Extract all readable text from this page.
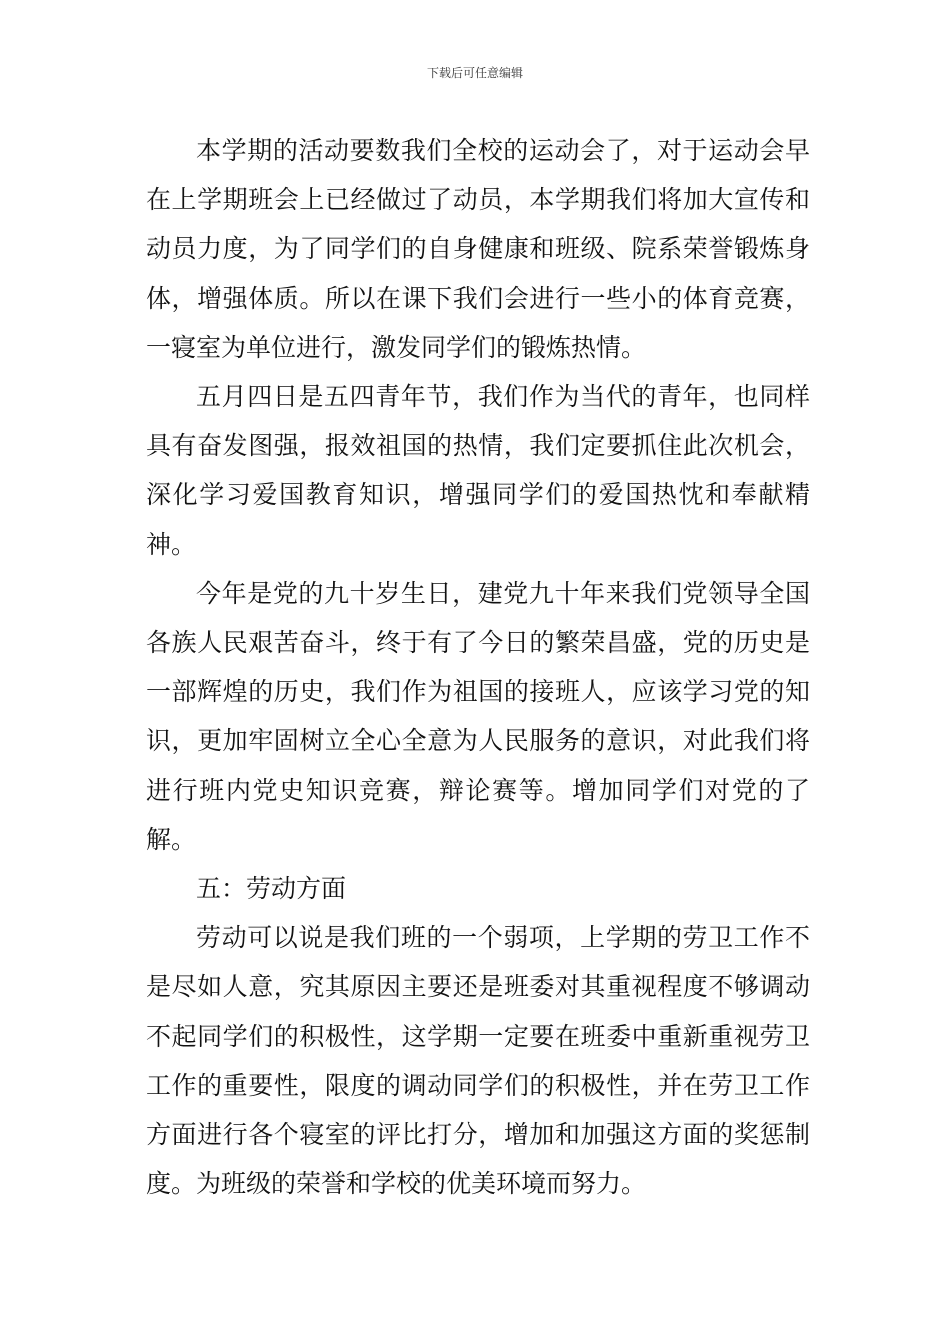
下载后可任意编辑

本学期的活动要数我们全校的运动会了，对于运动会早在上学期班会上已经做过了动员，本学期我们将加大宣传和动员力度，为了同学们的自身健康和班级、院系荣誉锻炼身体，增强体质。所以在课下我们会进行一些小的体育竞赛，一寝室为单位进行，激发同学们的锻炼热情。

五月四日是五四青年节，我们作为当代的青年，也同样具有奋发图强，报效祖国的热情，我们定要抓住此次机会，深化学习爱国教育知识，增强同学们的爱国热忱和奉献精神。

今年是党的九十岁生日，建党九十年来我们党领导全国各族人民艰苦奋斗，终于有了今日的繁荣昌盛，党的历史是一部辉煌的历史，我们作为祖国的接班人，应该学习党的知识，更加牢固树立全心全意为人民服务的意识，对此我们将进行班内党史知识竞赛，辩论赛等。增加同学们对党的了解。

五：劳动方面

劳动可以说是我们班的一个弱项，上学期的劳卫工作不是尽如人意，究其原因主要还是班委对其重视程度不够调动不起同学们的积极性，这学期一定要在班委中重新重视劳卫工作的重要性，限度的调动同学们的积极性，并在劳卫工作方面进行各个寝室的评比打分，增加和加强这方面的奖惩制度。为班级的荣誉和学校的优美环境而努力。
